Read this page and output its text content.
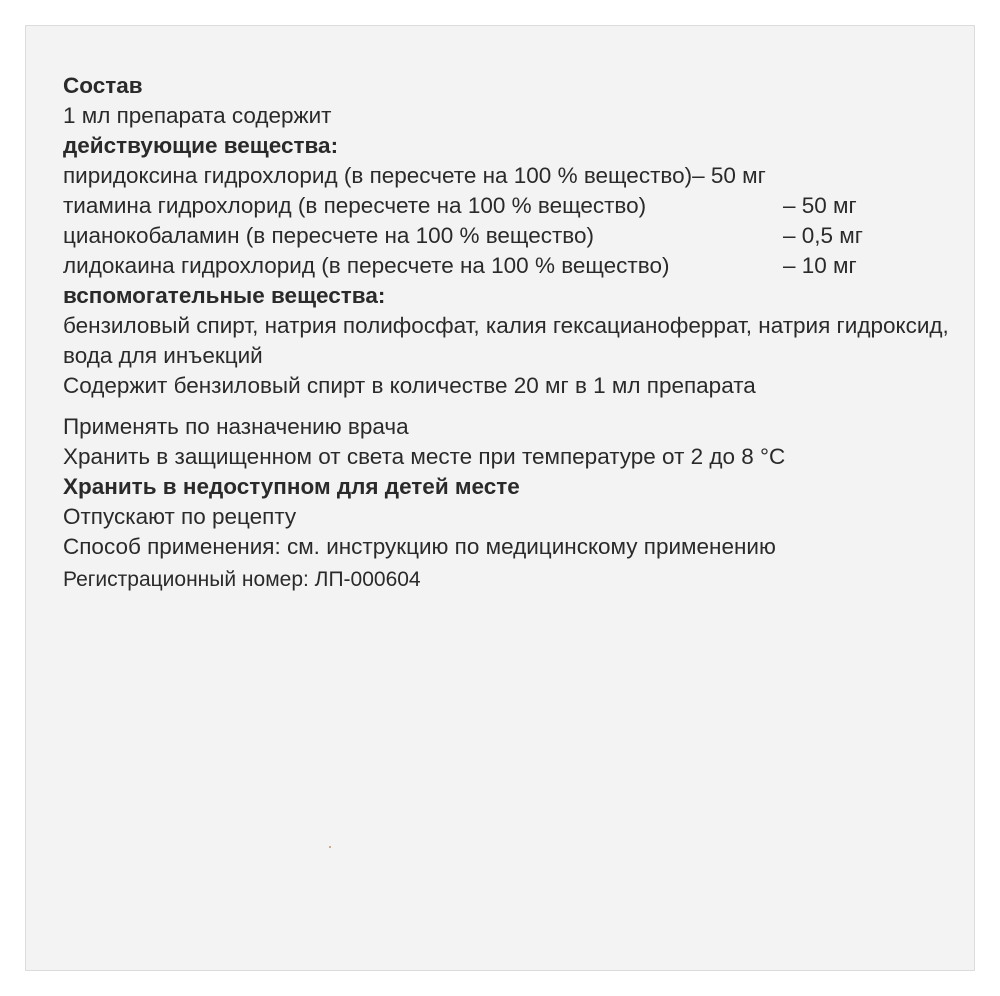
Состав
1 мл препарата содержит
действующие вещества:
пиридоксина гидрохлорид (в пересчете на 100 % вещество) – 50 мг
тиамина гидрохлорид (в пересчете на 100 % вещество)	– 50 мг
цианокобаламин (в пересчете на 100 % вещество)	– 0,5 мг
лидокаина гидрохлорид (в пересчете на 100 % вещество)	– 10 мг
вспомогательные вещества:
бензиловый спирт, натрия полифосфат, калия гексацианоферрат, натрия гидроксид, вода для инъекций
Содержит бензиловый спирт в количестве 20 мг в 1 мл препарата
Применять по назначению врача
Хранить в защищенном от света месте при температуре от 2 до 8 °С
Хранить в недоступном для детей месте
Отпускают по рецепту
Способ применения: см. инструкцию по медицинскому применению
Регистрационный номер: ЛП-000604
